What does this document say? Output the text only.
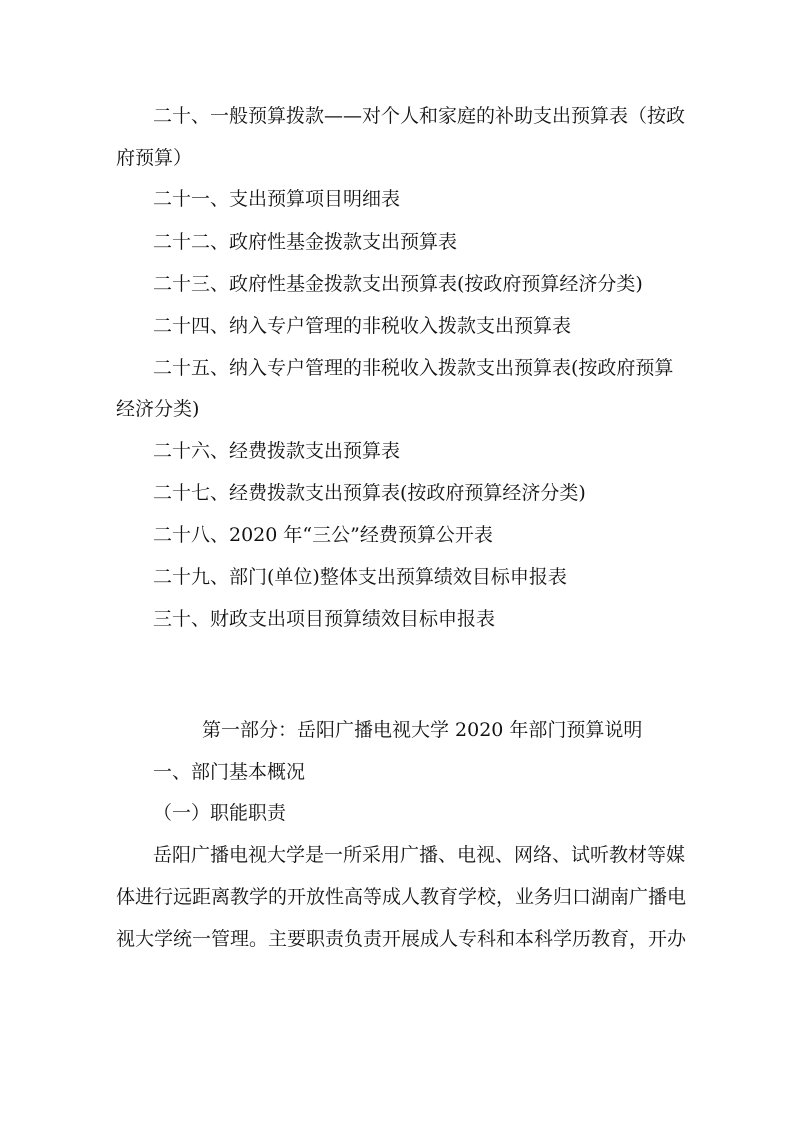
二十、一般预算拨款——对个人和家庭的补助支出预算表（按政
府预算）
二十一、支出预算项目明细表
二十二、政府性基金拨款支出预算表
二十三、政府性基金拨款支出预算表(按政府预算经济分类)
二十四、纳入专户管理的非税收入拨款支出预算表
二十五、纳入专户管理的非税收入拨款支出预算表(按政府预算
经济分类)
二十六、经费拨款支出预算表
二十七、经费拨款支出预算表(按政府预算经济分类)
二十八、2020 年“三公”经费预算公开表
二十九、部门(单位)整体支出预算绩效目标申报表
三十、财政支出项目预算绩效目标申报表
第一部分：岳阳广播电视大学 2020 年部门预算说明
一、部门基本概况
（一）职能职责
岳阳广播电视大学是一所采用广播、电视、网络、试听教材等媒
体进行远距离教学的开放性高等成人教育学校，业务归口湖南广播电
视大学统一管理。主要职责负责开展成人专科和本科学历教育，开办
